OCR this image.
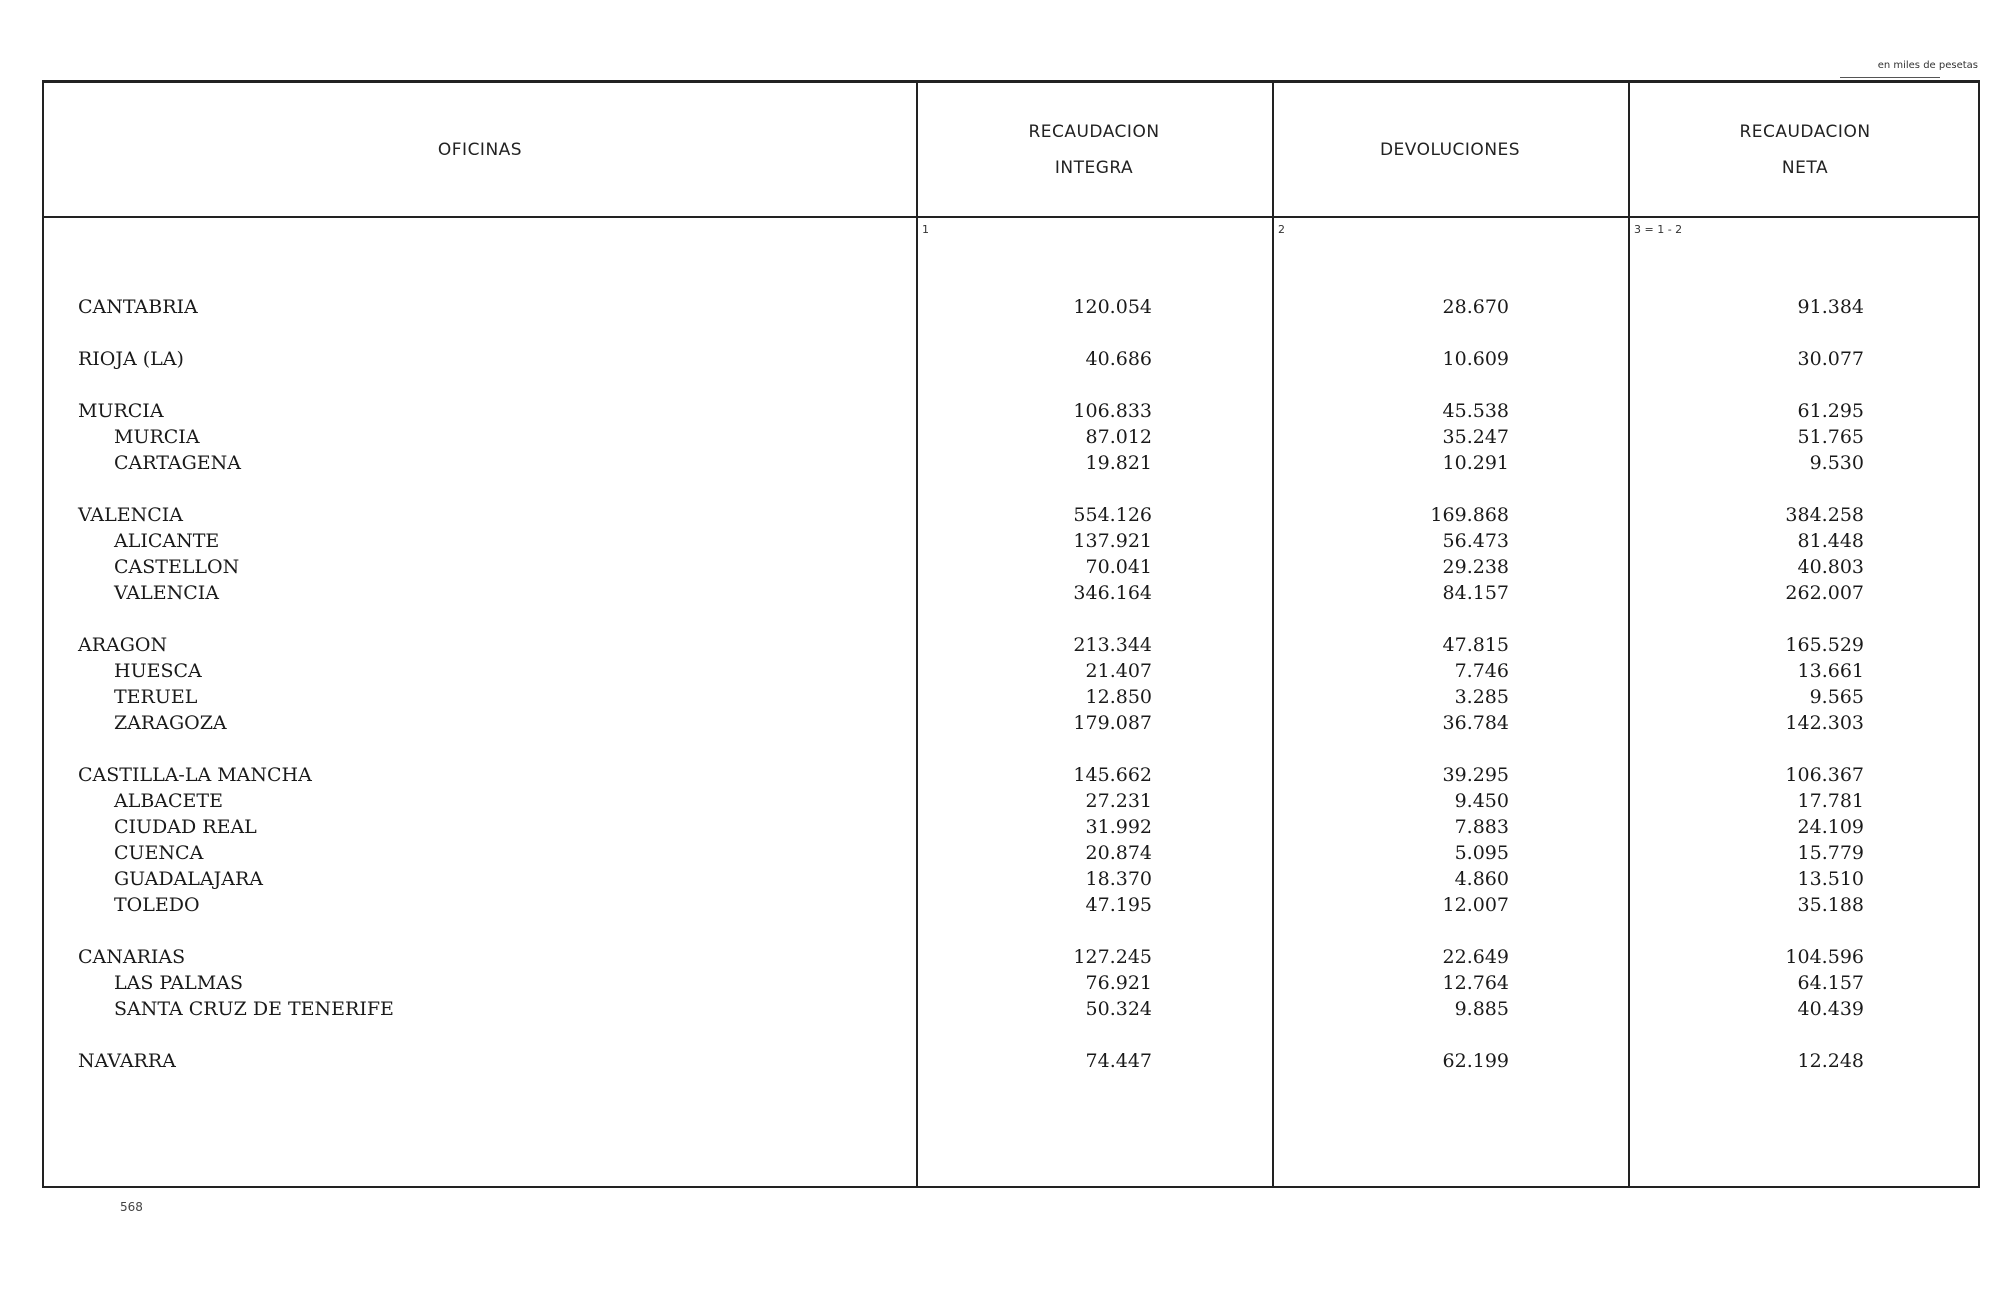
en miles de pesetas
OFICINAS
RECAUDACION
INTEGRA
DEVOLUCIONES
RECAUDACION
NETA
1	2	3 = 1 - 2
CANTABRIA	120.054	28.670	91.384
RIOJA (LA)	40.686	10.609	30.077
MURCIA	106.833	45.538	61.295
MURCIA	87.012	35.247	51.765
CARTAGENA	19.821	10.291	9.530
VALENCIA	554.126	169.868	384.258
ALICANTE	137.921	56.473	81.448
CASTELLON	70.041	29.238	40.803
VALENCIA	346.164	84.157	262.007
ARAGON	213.344	47.815	165.529
HUESCA	21.407	7.746	13.661
TERUEL	12.850	3.285	9.565
ZARAGOZA	179.087	36.784	142.303
CASTILLA-LA MANCHA	145.662	39.295	106.367
ALBACETE	27.231	9.450	17.781
CIUDAD REAL	31.992	7.883	24.109
CUENCA	20.874	5.095	15.779
GUADALAJARA	18.370	4.860	13.510
TOLEDO	47.195	12.007	35.188
CANARIAS	127.245	22.649	104.596
LAS PALMAS	76.921	12.764	64.157
SANTA CRUZ DE TENERIFE	50.324	9.885	40.439
NAVARRA	74.447	62.199	12.248
568
